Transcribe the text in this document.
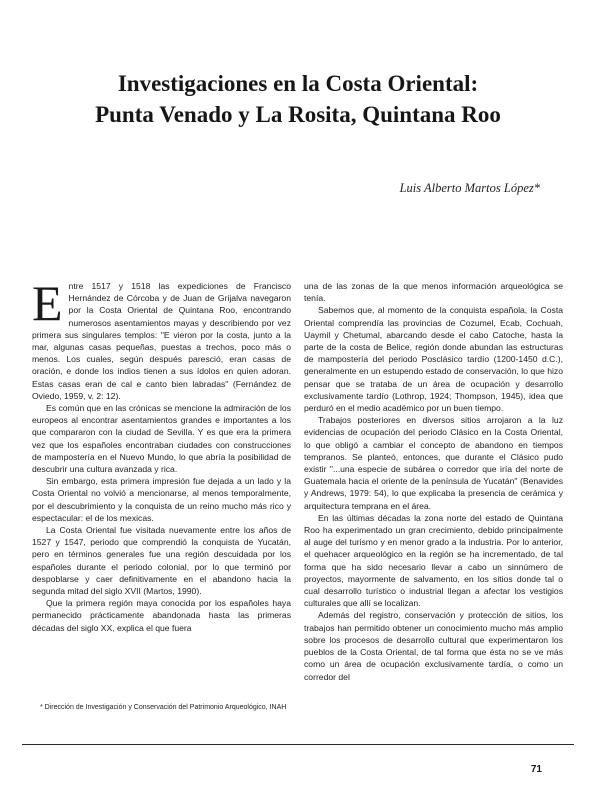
Investigaciones en la Costa Oriental:
Punta Venado y La Rosita, Quintana Roo
Luis Alberto Martos López*

Entre 1517 y 1518 las expediciones de Francisco Hernández de Córcoba y de Juan de Grijalva navegaron por la Costa Oriental de Quintana Roo, encontrando numerosos asentamientos mayas y describiendo por vez primera sus singulares templos: "E vieron por la costa, junto a la mar, algunas casas pequeñas, puestas a trechos, poco más o menos. Los cuales, según después paresció, eran casas de oración, e donde los indios tienen a sus ídolos en quien adoran. Estas casas eran de cal e canto bien labradas" (Fernández de Oviedo, 1959, v. 2: 12).

Es común que en las crónicas se mencione la admiración de los europeos al encontrar asentamientos grandes e importantes a los que compararon con la ciudad de Sevilla. Y es que era la primera vez que los españoles encontraban ciudades con construcciones de mampostería en el Nuevo Mundo, lo que abría la posibilidad de descubrir una cultura avanzada y rica.

Sin embargo, esta primera impresión fue dejada a un lado y la Costa Oriental no volvió a mencionarse, al menos temporalmente, por el descubrimiento y la conquista de un reino mucho más rico y espectacular: el de los mexicas.

La Costa Oriental fue visitada nuevamente entre los años de 1527 y 1547, periodo que comprendió la conquista de Yucatán, pero en términos generales fue una región descuidada por los españoles durante el periodo colonial, por lo que terminó por despoblarse y caer definitivamente en el abandono hacia la segunda mitad del siglo XVII (Martos, 1990).

Que la primera región maya conocida por los españoles haya permanecido prácticamente abandonada hasta las primeras décadas del siglo XX, explica el que fuera

* Dirección de Investigación y Conservación del Patrimonio Arqueológico, INAH

una de las zonas de la que menos información arqueológica se tenía.

Sabemos que, al momento de la conquista española, la Costa Oriental comprendía las provincias de Cozumel, Ecab, Cochuah, Uaymil y Chetumal, abarcando desde el cabo Catoche, hasta la parte de la costa de Belice, región donde abundan las estructuras de mampostería del periodo Posclásico tardío (1200-1450 d.C.), generalmente en un estupendo estado de conservación, lo que hizo pensar que se trataba de un área de ocupación y desarrollo exclusivamente tardío (Lothrop, 1924; Thompson, 1945), idea que perduró en el medio académico por un buen tiempo.

Trabajos posteriores en diversos sitios arrojaron a la luz evidencias de ocupación del periodo Clásico en la Costa Oriental, lo que obligó a cambiar el concepto de abandono en tiempos tempranos. Se planteó, entonces, que durante el Clásico pudo existir "...una especie de subárea o corredor que iría del norte de Guatemala hacia el oriente de la península de Yucatán" (Benavides y Andrews, 1979: 54), lo que explicaba la presencia de cerámica y arquitectura temprana en el área.

En las últimas décadas la zona norte del estado de Quintana Roo ha experimentado un gran crecimiento, debido principalmente al auge del turismo y en menor grado a la industria. Por lo anterior, el quehacer arqueológico en la región se ha incrementado, de tal forma que ha sido necesario llevar a cabo un sinnúmero de proyectos, mayormente de salvamento, en los sitios donde tal o cual desarrollo turístico o industrial llegan a afectar los vestigios culturales que allí se localizan.

Además del registro, conservación y protección de sitios, los trabajos han permitido obtener un conocimiento mucho más amplio sobre los procesos de desarrollo cultural que experimentaron los pueblos de la Costa Oriental, de tal forma que ésta no se ve más como un área de ocupación exclusivamente tardía, o como un corredor del

71
